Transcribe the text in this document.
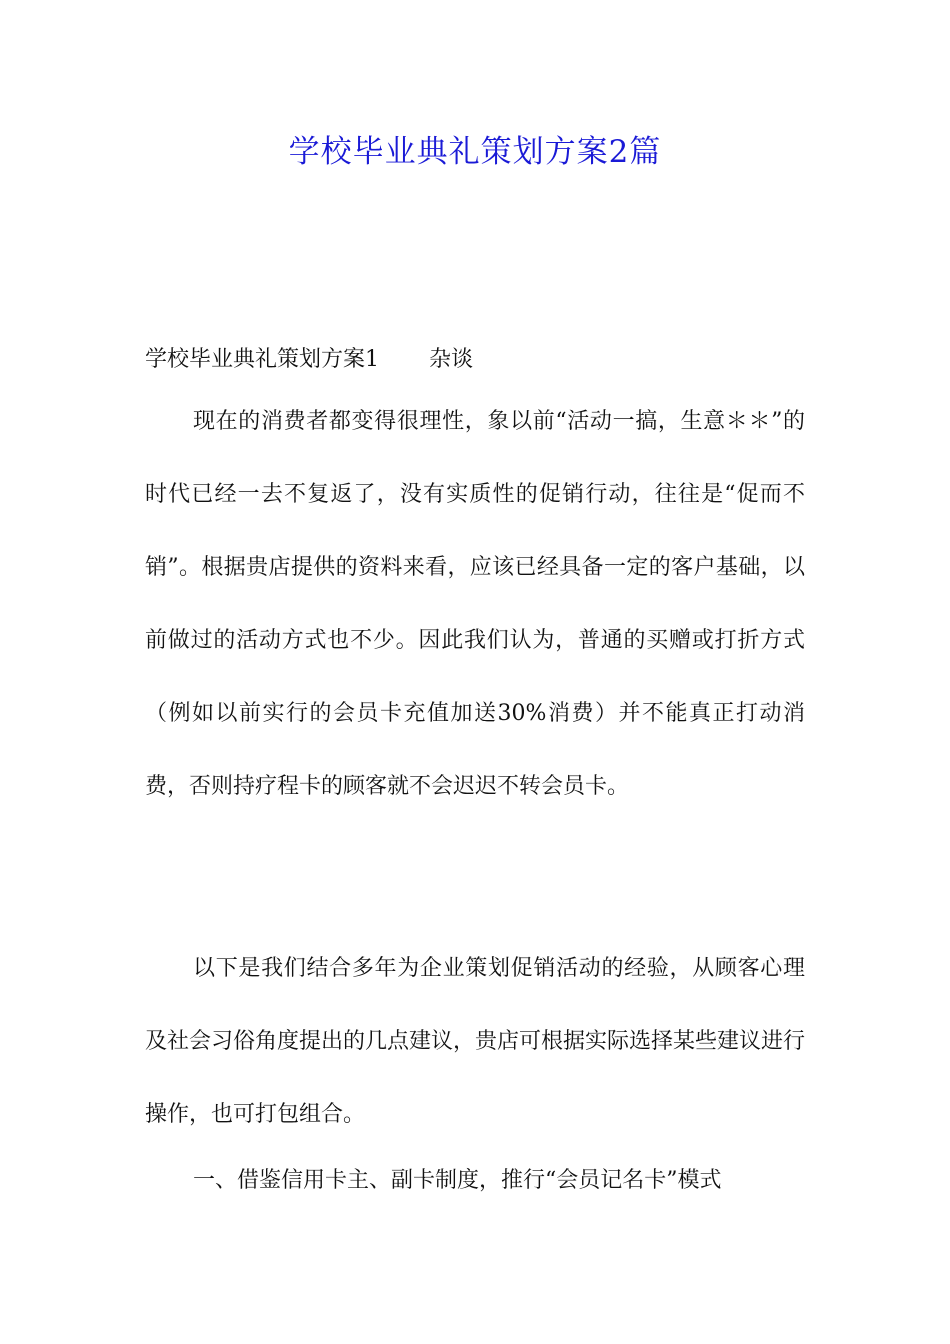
学校毕业典礼策划方案2篇
学校毕业典礼策划方案1 杂谈

现在的消费者都变得很理性，象以前“活动一搞，生意＊＊”的时代已经一去不复返了，没有实质性的促销行动，往往是“促而不销”。根据贵店提供的资料来看，应该已经具备一定的客户基础，以前做过的活动方式也不少。因此我们认为，普通的买赠或打折方式（例如以前实行的会员卡充值加送30%消费）并不能真正打动消费，否则持疗程卡的顾客就不会迟迟不转会员卡。

以下是我们结合多年为企业策划促销活动的经验，从顾客心理及社会习俗角度提出的几点建议，贵店可根据实际选择某些建议进行操作，也可打包组合。

一、借鉴信用卡主、副卡制度，推行“会员记名卡”模式
